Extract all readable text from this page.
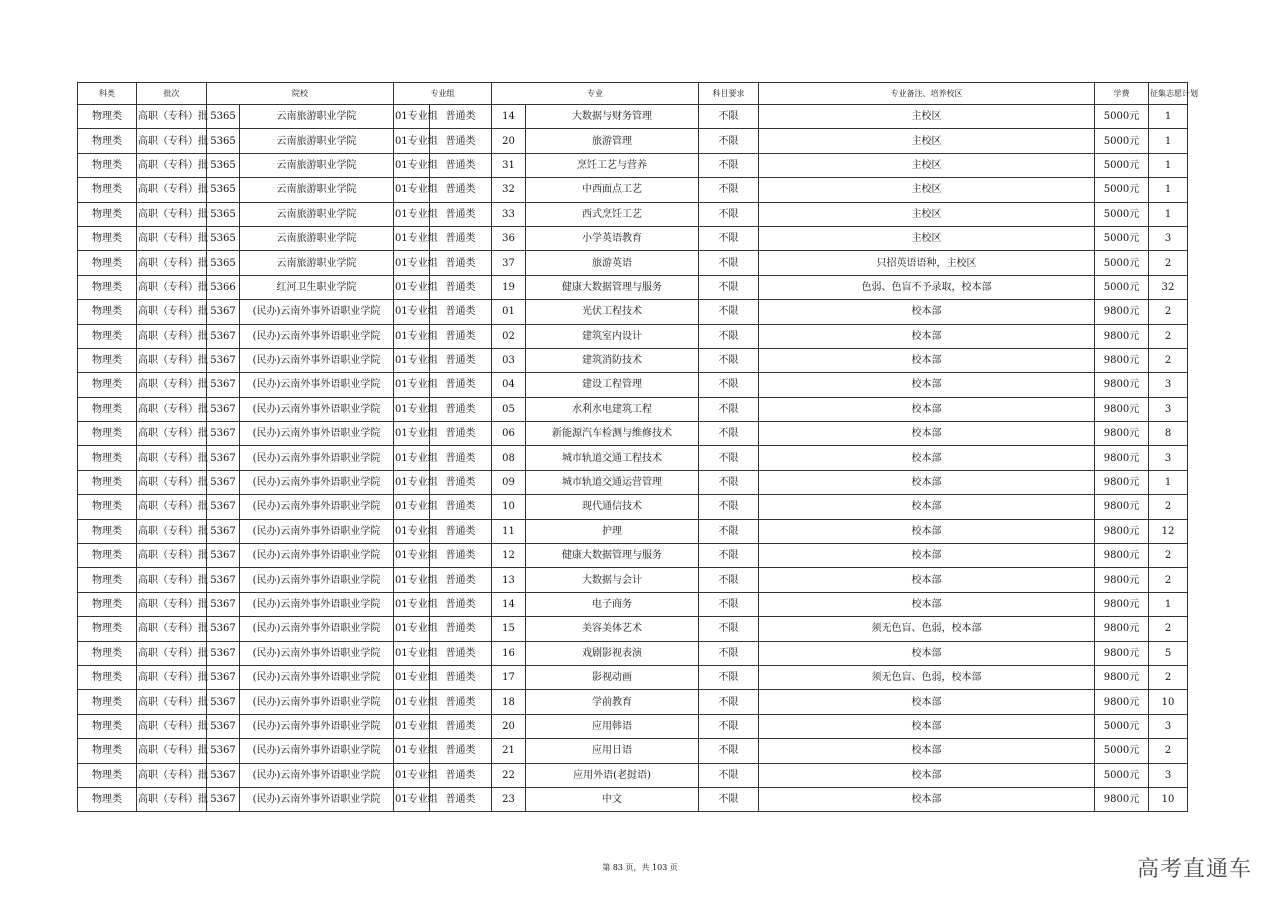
科类	批次	院校		专业组		专业		科目要求	专业备注、培养校区	学费	征集志愿计划
物理类	高职（专科）批	5365	云南旅游职业学院	01专业组	普通类	14	大数据与财务管理	不限	主校区	5000元	1
物理类	高职（专科）批	5365	云南旅游职业学院	01专业组	普通类	20	旅游管理	不限	主校区	5000元	1
物理类	高职（专科）批	5365	云南旅游职业学院	01专业组	普通类	31	烹饪工艺与营养	不限	主校区	5000元	1
物理类	高职（专科）批	5365	云南旅游职业学院	01专业组	普通类	32	中西面点工艺	不限	主校区	5000元	1
物理类	高职（专科）批	5365	云南旅游职业学院	01专业组	普通类	33	西式烹饪工艺	不限	主校区	5000元	1
物理类	高职（专科）批	5365	云南旅游职业学院	01专业组	普通类	36	小学英语教育	不限	主校区	5000元	3
物理类	高职（专科）批	5365	云南旅游职业学院	01专业组	普通类	37	旅游英语	不限	只招英语语种，主校区	5000元	2
物理类	高职（专科）批	5366	红河卫生职业学院	01专业组	普通类	19	健康大数据管理与服务	不限	色弱、色盲不予录取，校本部	5000元	32
物理类	高职（专科）批	5367	(民办)云南外事外语职业学院	01专业组	普通类	01	光伏工程技术	不限	校本部	9800元	2
物理类	高职（专科）批	5367	(民办)云南外事外语职业学院	01专业组	普通类	02	建筑室内设计	不限	校本部	9800元	2
物理类	高职（专科）批	5367	(民办)云南外事外语职业学院	01专业组	普通类	03	建筑消防技术	不限	校本部	9800元	2
物理类	高职（专科）批	5367	(民办)云南外事外语职业学院	01专业组	普通类	04	建设工程管理	不限	校本部	9800元	3
物理类	高职（专科）批	5367	(民办)云南外事外语职业学院	01专业组	普通类	05	水利水电建筑工程	不限	校本部	9800元	3
物理类	高职（专科）批	5367	(民办)云南外事外语职业学院	01专业组	普通类	06	新能源汽车检测与维修技术	不限	校本部	9800元	8
物理类	高职（专科）批	5367	(民办)云南外事外语职业学院	01专业组	普通类	08	城市轨道交通工程技术	不限	校本部	9800元	3
物理类	高职（专科）批	5367	(民办)云南外事外语职业学院	01专业组	普通类	09	城市轨道交通运营管理	不限	校本部	9800元	1
物理类	高职（专科）批	5367	(民办)云南外事外语职业学院	01专业组	普通类	10	现代通信技术	不限	校本部	9800元	2
物理类	高职（专科）批	5367	(民办)云南外事外语职业学院	01专业组	普通类	11	护理	不限	校本部	9800元	12
物理类	高职（专科）批	5367	(民办)云南外事外语职业学院	01专业组	普通类	12	健康大数据管理与服务	不限	校本部	9800元	2
物理类	高职（专科）批	5367	(民办)云南外事外语职业学院	01专业组	普通类	13	大数据与会计	不限	校本部	9800元	2
物理类	高职（专科）批	5367	(民办)云南外事外语职业学院	01专业组	普通类	14	电子商务	不限	校本部	9800元	1
物理类	高职（专科）批	5367	(民办)云南外事外语职业学院	01专业组	普通类	15	美容美体艺术	不限	须无色盲、色弱，校本部	9800元	2
物理类	高职（专科）批	5367	(民办)云南外事外语职业学院	01专业组	普通类	16	戏剧影视表演	不限	校本部	9800元	5
物理类	高职（专科）批	5367	(民办)云南外事外语职业学院	01专业组	普通类	17	影视动画	不限	须无色盲、色弱，校本部	9800元	2
物理类	高职（专科）批	5367	(民办)云南外事外语职业学院	01专业组	普通类	18	学前教育	不限	校本部	9800元	10
物理类	高职（专科）批	5367	(民办)云南外事外语职业学院	01专业组	普通类	20	应用韩语	不限	校本部	5000元	3
物理类	高职（专科）批	5367	(民办)云南外事外语职业学院	01专业组	普通类	21	应用日语	不限	校本部	5000元	2
物理类	高职（专科）批	5367	(民办)云南外事外语职业学院	01专业组	普通类	22	应用外语(老挝语)	不限	校本部	5000元	3
物理类	高职（专科）批	5367	(民办)云南外事外语职业学院	01专业组	普通类	23	中文	不限	校本部	9800元	10
第 83 页，共 103 页	高考直通车
